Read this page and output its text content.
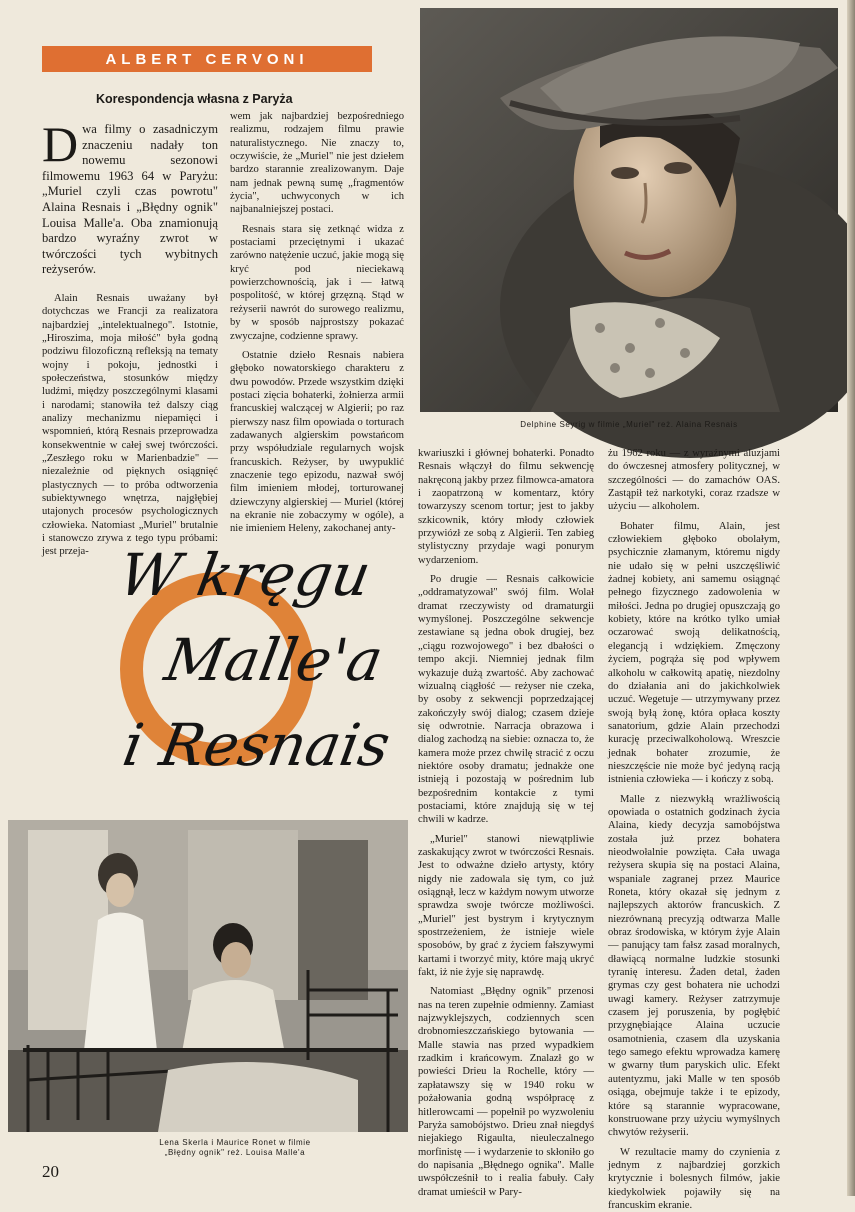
ALBERT CERVONI
Korespondencja własna z Paryża

Dwa filmy o zasadniczym znaczeniu nadały ton nowemu sezonowi filmowemu 1963 64 w Paryżu: „Muriel czyli czas powrotu" Alaina Resnais i „Błędny ognik" Louisa Malle'a. Oba znamionują bardzo wyraźny zwrot w twórczości tych wybitnych reżyserów.

Alain Resnais uważany był dotychczas we Francji za realizatora najbardziej „intelektualnego". Istotnie, „Hiroszima, moja miłość" była godną podziwu filozoficzną refleksją na tematy wojny i pokoju, jednostki i społeczeństwa, stosunków między ludźmi, między poszczególnymi klasami i narodami; stanowiła też dalszy ciąg analizy mechanizmu niepamięci i wspomnień, którą Resnais przeprowadza konsekwentnie w całej swej twórczości. „Zeszłego roku w Marienbadzie" — niezależnie od pięknych osiągnięć plastycznych — to próba odtworzenia subiektywnego wnętrza, najgłębiej utajonych procesów psychologicznych człowieka. Natomiast „Muriel" brutalnie i stanowczo zrywa z tego typu próbami: jest przeja-

wem jak najbardziej bezpośredniego realizmu, rodzajem filmu prawie naturalistycznego. Nie znaczy to, oczywiście, że „Muriel" nie jest dziełem bardzo starannie zrealizowanym. Daje nam jednak pewną sumę „fragmentów życia", uchwyconych w ich najbanalniejszej postaci.

Resnais stara się zetknąć widza z postaciami przeciętnymi i ukazać zarówno natężenie uczuć, jakie mogą się kryć pod nieciekawą powierzchownością, jak i — łatwą pospolitość, w której grzęzną. Stąd w reżyserii nawrót do surowego realizmu, by w sposób najprostszy pokazać zwyczajne, codzienne sprawy.

Ostatnie dzieło Resnais nabiera głęboko nowatorskiego charakteru z dwu powodów. Przede wszystkim dzięki postaci zięcia bohaterki, żołnierza armii francuskiej walczącej w Algierii; po raz pierwszy nasz film opowiada o torturach zadawanych algierskim powstańcom przy współudziale regularnych wojsk francuskich. Reżyser, by uwypuklić znaczenie tego epizodu, nazwał swój film imieniem młodej, torturowanej dziewczyny algierskiej — Muriel (której na ekranie nie zobaczymy w ogóle), a nie imieniem Heleny, zakochanej anty-

Delphine Seyrig w filmie „Muriel" reż. Alaina Resnais
W kręgu
Malle'a
i Resnais

kwariuszki i głównej bohaterki. Ponadto Resnais włączył do filmu sekwencję nakręconą jakby przez filmowca-amatora i zaopatrzoną w komentarz, który towarzyszy scenom tortur; jest to jakby szkicownik, który młody człowiek przywiózł ze sobą z Algierii. Ten zabieg stylistyczny przydaje wagi ponurym wydarzeniom.

Po drugie — Resnais całkowicie „oddramatyzował" swój film. Wolał dramat rzeczywisty od dramaturgii wymyślonej. Poszczególne sekwencje zestawiane są jedna obok drugiej, bez „ciągu rozwojowego" i bez dbałości o tempo akcji. Niemniej jednak film wykazuje dużą zwartość. Aby zachować wizualną ciągłość — reżyser nie czeka, by osoby z sekwencji poprzedzającej zakończyły swój dialog; czasem dzieje się odwrotnie. Narracja obrazowa i dialog zachodzą na siebie: oznacza to, że kamera może przez chwilę stracić z oczu niektóre osoby dramatu; jednakże one istnieją i pozostają w pośrednim lub bezpośrednim kontakcie z tymi postaciami, które znajdują się w tej chwili w kadrze.

„Muriel" stanowi niewątpliwie zaskakujący zwrot w twórczości Resnais. Jest to odważne dzieło artysty, który nigdy nie zadowala się tym, co już osiągnął, lecz w każdym nowym utworze sprawdza swoje twórcze możliwości. „Muriel" jest bystrym i krytycznym spostrzeżeniem, że istnieje wiele sposobów, by grać z życiem fałszywymi kartami i tworzyć mity, które mają ukryć fakt, iż nie żyje się naprawdę.

Natomiast „Błędny ognik" przenosi nas na teren zupełnie odmienny. Zamiast najzwyklejszych, codziennych scen drobnomieszczańskiego bytowania — Malle stawia nas przed wypadkiem rzadkim i krańcowym. Znalazł go w powieści Drieu la Rochelle, który — zapłatawszy się w 1940 roku w pożałowania godną współpracę z hitlerowcami — popełnił po wyzwoleniu Paryża samobójstwo. Drieu znał niegdyś niejakiego Rigaulta, nieuleczalnego morfinistę — i wydarzenie to skłoniło go do napisania „Błędnego ognika". Malle uwspółcześnił to i realia fabuły. Cały dramat umieścił w Pary-

żu 1962 roku — z wyraźnymi aluzjami do ówczesnej atmosfery politycznej, w szczególności — do zamachów OAS. Zastąpił też narkotyki, coraz rzadsze w użyciu — alkoholem.

Bohater filmu, Alain, jest człowiekiem głęboko obolałym, psychicznie złamanym, któremu nigdy nie udało się w pełni uszczęśliwić żadnej kobiety, ani samemu osiągnąć pełnego fizycznego zadowolenia w miłości. Jedna po drugiej opuszczają go kobiety, które na krótko tylko umiał oczarować swoją delikatnością, elegancją i wdziękiem. Zmęczony życiem, pogrąża się pod wpływem alkoholu w całkowitą apatię, niezdolny do działania ani do jakichkolwiek uczuć. Wegetuje — utrzymywany przez swoją byłą żonę, która opłaca koszty sanatorium, gdzie Alain przechodzi kurację przeciwalkoholową. Wreszcie jednak bohater zrozumie, że nieszczęście nie może być jedyną racją istnienia człowieka — i kończy z sobą.

Malle z niezwykłą wrażliwością opowiada o ostatnich godzinach życia Alaina, kiedy decyzja samobójstwa została już przez bohatera nieodwołalnie powzięta. Cała uwaga reżysera skupia się na postaci Alaina, wspaniale zagranej przez Maurice Roneta, który okazał się jednym z najlepszych aktorów francuskich. Z niezrównaną precyzją odtwarza Malle obraz środowiska, w którym żyje Alain — panujący tam fałsz zasad moralnych, dławiącą normalne ludzkie stosunki tyranię interesu. Żaden detal, żaden grymas czy gest bohatera nie uchodzi uwagi kamery. Reżyser zatrzymuje czasem jej poruszenia, by pogłębić przygnębiające Alaina uczucie osamotnienia, czasem dla uzyskania tego samego efektu wprowadza kamerę w gwarny tłum paryskich ulic. Efekt autentyzmu, jaki Malle w ten sposób osiąga, obejmuje także i te epizody, które są starannie wypracowane, konstruowane przy użyciu wymyślnych chwytów reżyserii.

W rezultacie mamy do czynienia z jednym z najbardziej gorzkich krytycznie i bolesnych filmów, jakie kiedykolwiek pojawiły się na francuskim ekranie.

Lena Skerla i Maurice Ronet w filmie
„Błędny ognik" reż. Louisa Malle'a
20
